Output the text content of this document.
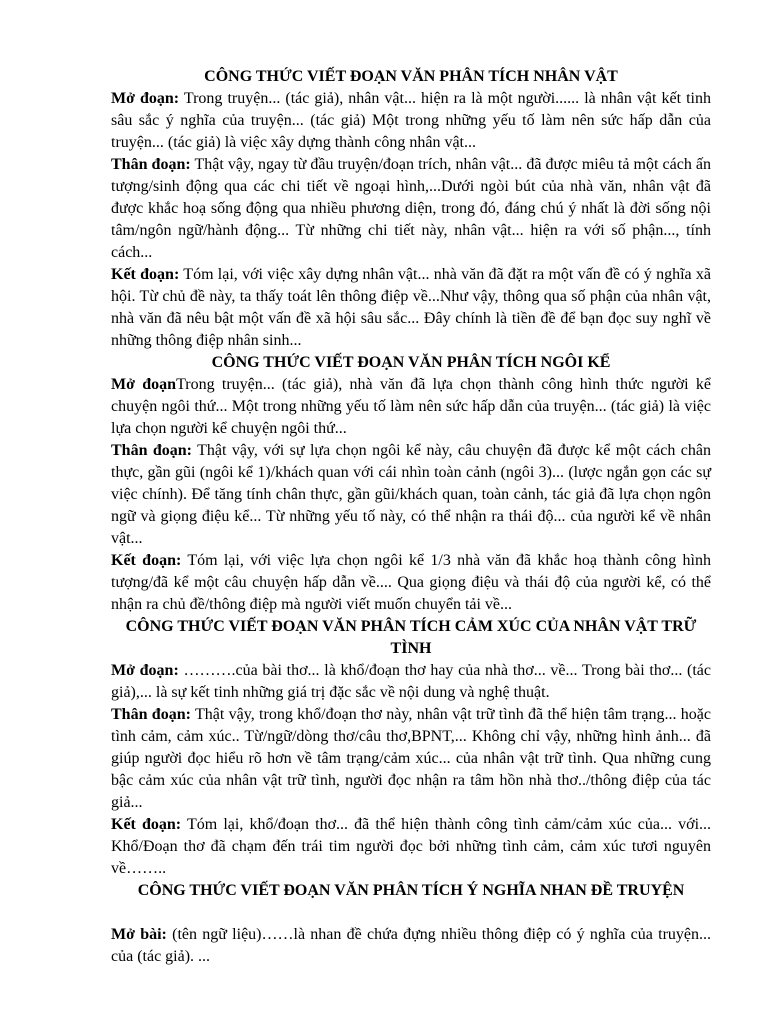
CÔNG THỨC VIẾT ĐOẠN VĂN PHÂN TÍCH NHÂN VẬT

Mở đoạn: Trong truyện... (tác giả), nhân vật... hiện ra là một người...... là nhân vật kết tinh sâu sắc ý nghĩa của truyện... (tác giả) Một trong những yếu tố làm nên sức hấp dẫn của truyện... (tác giả) là việc xây dựng thành công nhân vật...

Thân đoạn: Thật vậy, ngay từ đầu truyện/đoạn trích, nhân vật... đã được miêu tả một cách ấn tượng/sinh động qua các chi tiết về ngoại hình,...Dưới ngòi bút của nhà văn, nhân vật đã được khắc hoạ sống động qua nhiều phương diện, trong đó, đáng chú ý nhất là đời sống nội tâm/ngôn ngữ/hành động... Từ những chi tiết này, nhân vật... hiện ra với số phận..., tính cách...

Kết đoạn: Tóm lại, với việc xây dựng nhân vật... nhà văn đã đặt ra một vấn đề có ý nghĩa xã hội. Từ chủ đề này, ta thấy toát lên thông điệp về...Như vậy, thông qua số phận của nhân vật, nhà văn đã nêu bật một vấn đề xã hội sâu sắc... Đây chính là tiền đề để bạn đọc suy nghĩ về những thông điệp nhân sinh...

CÔNG THỨC VIẾT ĐOẠN VĂN PHÂN TÍCH NGÔI KỂ

Mở đoạnTrong truyện... (tác giả), nhà văn đã lựa chọn thành công hình thức người kể chuyện ngôi thứ... Một trong những yếu tố làm nên sức hấp dẫn của truyện... (tác giả) là việc lựa chọn người kể chuyện ngôi thứ...

Thân đoạn: Thật vậy, với sự lựa chọn ngôi kể này, câu chuyện đã được kể một cách chân thực, gần gũi (ngôi kể 1)/khách quan với cái nhìn toàn cảnh (ngôi 3)... (lược ngắn gọn các sự việc chính). Để tăng tính chân thực, gần gũi/khách quan, toàn cảnh, tác giả đã lựa chọn ngôn ngữ và giọng điệu kể... Từ những yếu tố này, có thể nhận ra thái độ... của người kể về nhân vật...

Kết đoạn: Tóm lại, với việc lựa chọn ngôi kể 1/3 nhà văn đã khắc hoạ thành công hình tượng/đã kể một câu chuyện hấp dẫn về.... Qua giọng điệu và thái độ của người kể, có thể nhận ra chủ đề/thông điệp mà người viết muốn chuyển tải về...

CÔNG THỨC VIẾT ĐOẠN VĂN PHÂN TÍCH CẢM XÚC CỦA NHÂN VẬT TRỮ TÌNH

Mở đoạn: ……….của bài thơ... là khổ/đoạn thơ hay của nhà thơ... về... Trong bài thơ... (tác giả),... là sự kết tinh những giá trị đặc sắc về nội dung và nghệ thuật.

Thân đoạn: Thật vậy, trong khổ/đoạn thơ này, nhân vật trữ tình đã thể hiện tâm trạng... hoặc tình cảm, cảm xúc.. Từ/ngữ/dòng thơ/câu thơ,BPNT,... Không chỉ vậy, những hình ảnh... đã giúp người đọc hiểu rõ hơn về tâm trạng/cảm xúc... của nhân vật trữ tình. Qua những cung bậc cảm xúc của nhân vật trữ tình, người đọc nhận ra tâm hồn nhà thơ../thông điệp của tác giả...

Kết đoạn: Tóm lại, khổ/đoạn thơ... đã thể hiện thành công tình cảm/cảm xúc của... với... Khổ/Đoạn thơ đã chạm đến trái tim người đọc bởi những tình cảm, cảm xúc tươi nguyên về……..

CÔNG THỨC VIẾT ĐOẠN VĂN PHÂN TÍCH Ý NGHĨA NHAN ĐỀ TRUYỆN

Mở bài: (tên ngữ liệu)……là nhan đề chứa đựng nhiều thông điệp có ý nghĩa của truyện... của (tác giả). ...
